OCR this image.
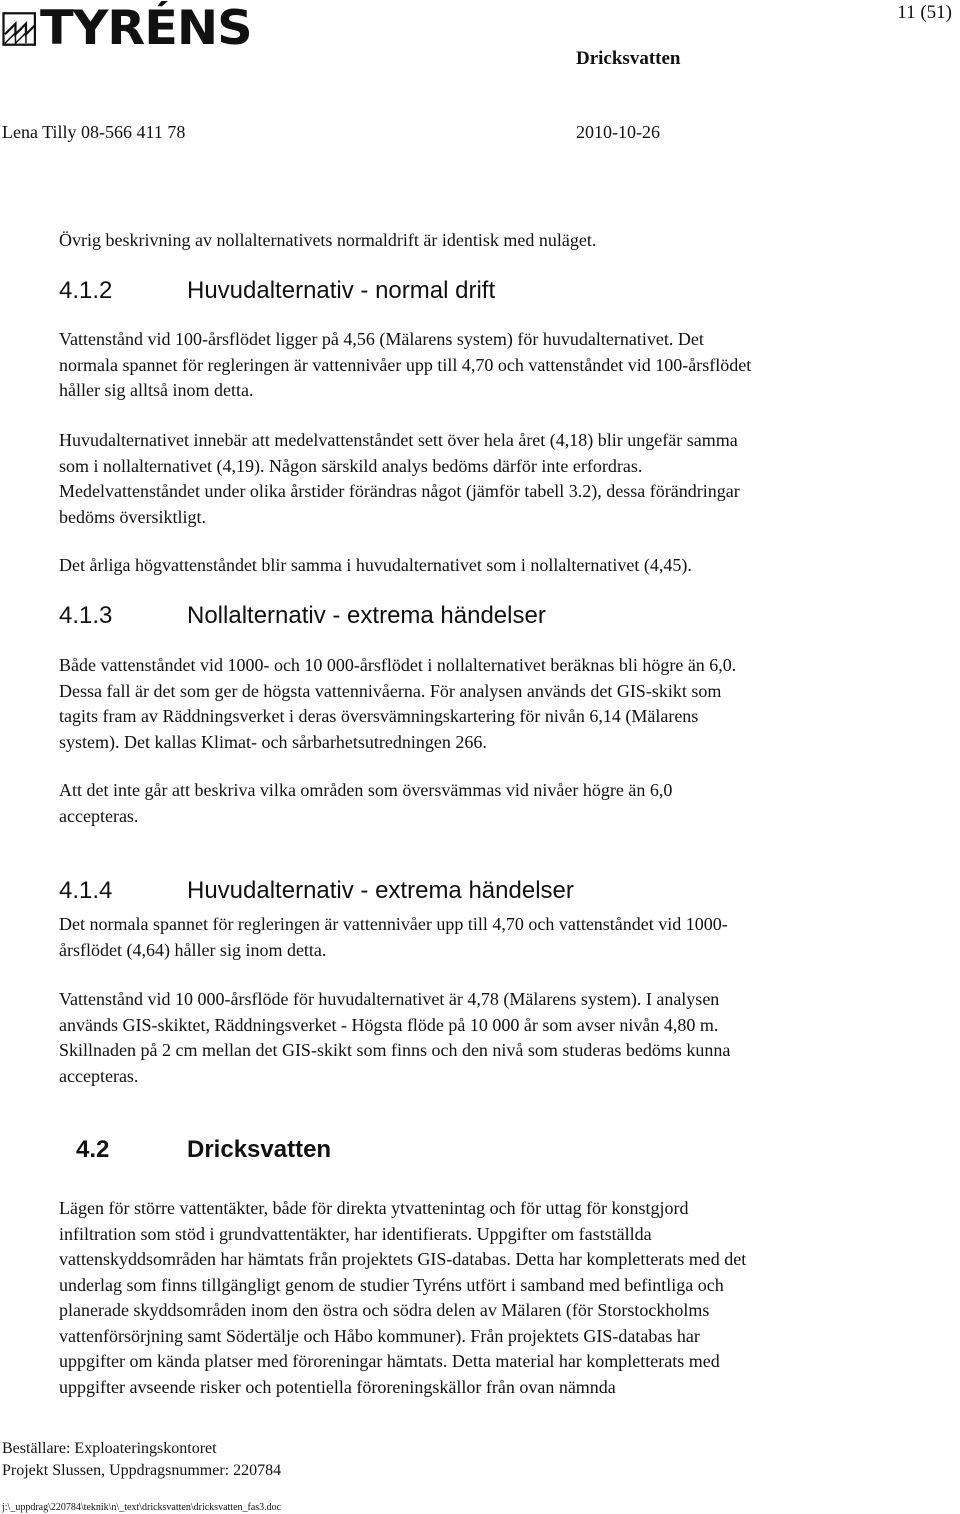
TYRÉNS	11 (51)
Dricksvatten
Lena Tilly 08-566 411 78	2010-10-26

Övrig beskrivning av nollalternativets normaldrift är identisk med nuläget.

4.1.2	Huvudalternativ - normal drift

Vattenstånd vid 100-årsflödet ligger på 4,56 (Mälarens system) för huvudalternativet. Det
normala spannet för regleringen är vattennivåer upp till 4,70 och vattenståndet vid 100-årsflödet
håller sig alltså inom detta.

Huvudalternativet innebär att medelvattenståndet sett över hela året (4,18) blir ungefär samma
som i nollalternativet (4,19). Någon särskild analys bedöms därför inte erfordras.
Medelvattenståndet under olika årstider förändras något (jämför tabell 3.2), dessa förändringar
bedöms översiktligt.

Det årliga högvattenståndet blir samma i huvudalternativet som i nollalternativet (4,45).

4.1.3	Nollalternativ - extrema händelser

Både vattenståndet vid 1000- och 10 000-årsflödet i nollalternativet beräknas bli högre än 6,0.
Dessa fall är det som ger de högsta vattennivåerna. För analysen används det GIS-skikt som
tagits fram av Räddningsverket i deras översvämningskartering för nivån 6,14 (Mälarens
system). Det kallas Klimat- och sårbarhetsutredningen 266.

Att det inte går att beskriva vilka områden som översvämmas vid nivåer högre än 6,0
accepteras.

4.1.4	Huvudalternativ - extrema händelser

Det normala spannet för regleringen är vattennivåer upp till 4,70 och vattenståndet vid 1000-
årsflödet (4,64) håller sig inom detta.

Vattenstånd vid 10 000-årsflöde för huvudalternativet är 4,78 (Mälarens system). I analysen
används GIS-skiktet, Räddningsverket - Högsta flöde på 10 000 år som avser nivån 4,80 m.
Skillnaden på 2 cm mellan det GIS-skikt som finns och den nivå som studeras bedöms kunna
accepteras.

4.2	Dricksvatten

Lägen för större vattentäkter, både för direkta ytvattenintag och för uttag för konstgjord
infiltration som stöd i grundvattentäkter, har identifierats. Uppgifter om fastställda
vattenskyddsområden har hämtats från projektets GIS-databas. Detta har kompletterats med det
underlag som finns tillgängligt genom de studier Tyréns utfört i samband med befintliga och
planerade skyddsområden inom den östra och södra delen av Mälaren (för Storstockholms
vattenförsörjning samt Södertälje och Håbo kommuner). Från projektets GIS-databas har
uppgifter om kända platser med föroreningar hämtats. Detta material har kompletterats med
uppgifter avseende risker och potentiella föroreningskällor från ovan nämnda

Beställare: Exploateringskontoret
Projekt Slussen, Uppdragsnummer: 220784
j:\_uppdrag\220784\teknik\n\_text\dricksvatten\dricksvatten_fas3.doc
